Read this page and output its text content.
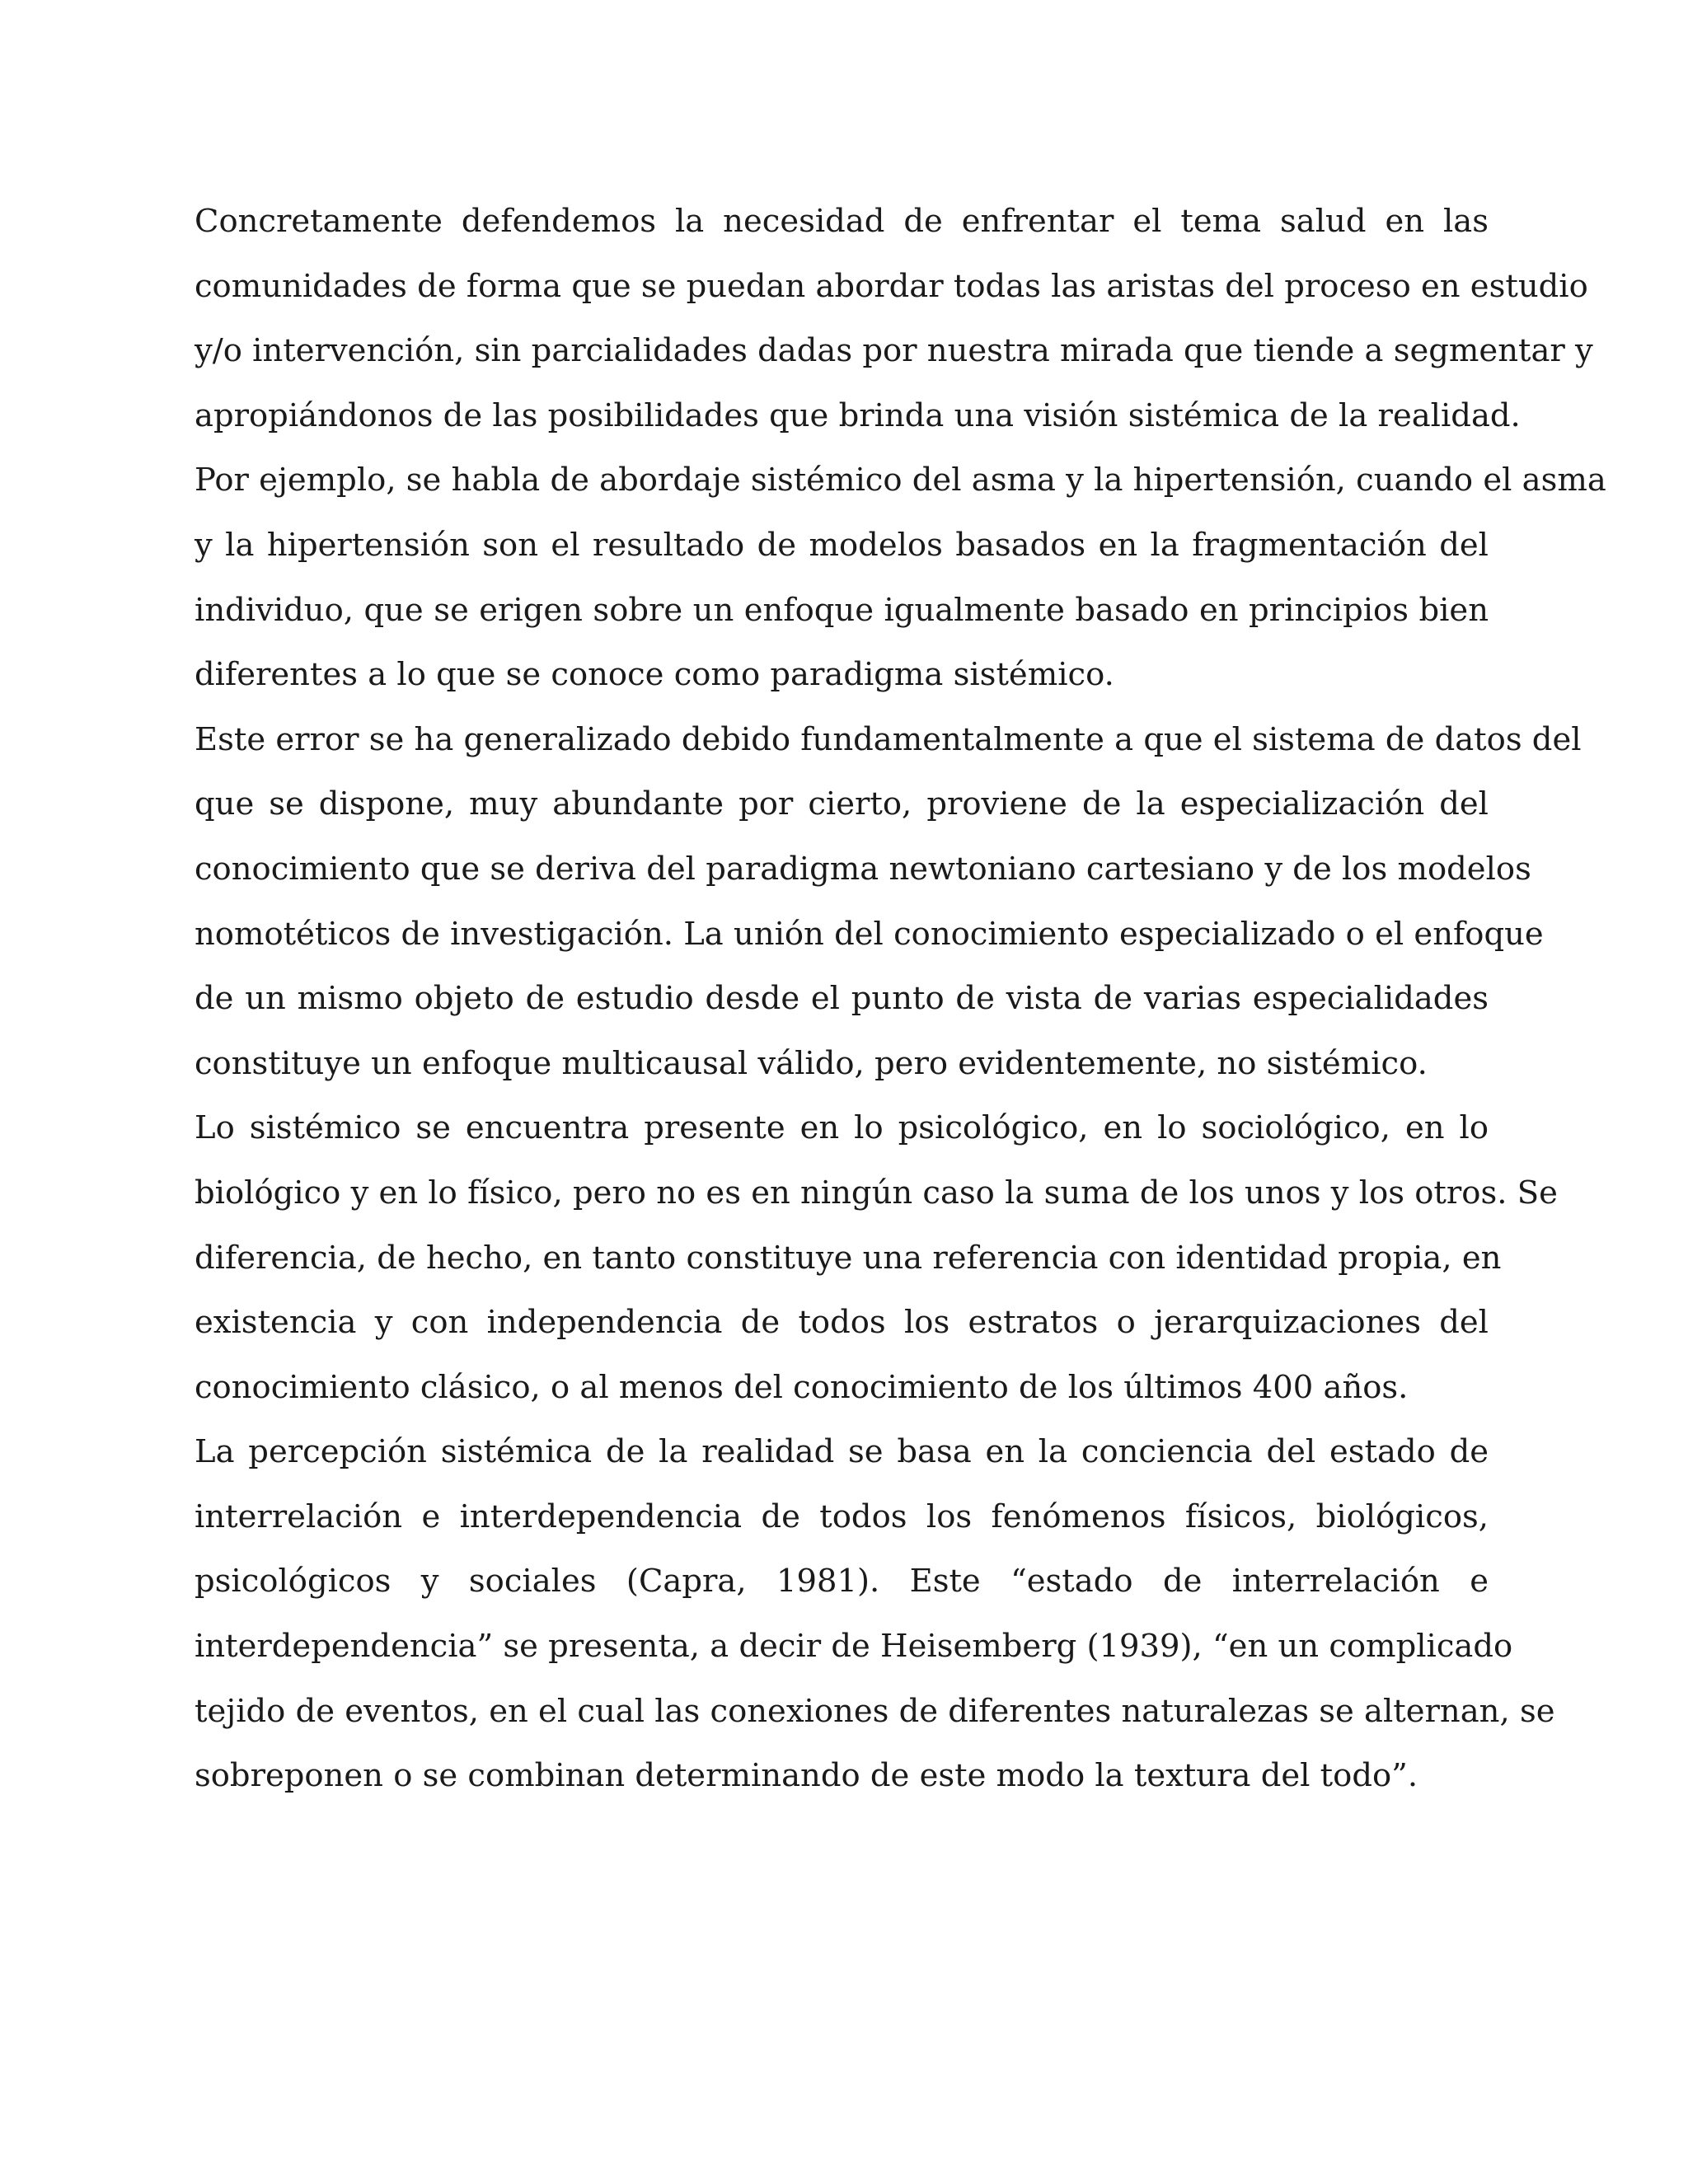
Concretamente defendemos la necesidad de enfrentar el tema salud en las
comunidades de forma que se puedan abordar todas las aristas del proceso en estudio
y/o intervención, sin parcialidades dadas por nuestra mirada que tiende a segmentar y
apropiándonos de las posibilidades que brinda una visión sistémica de la realidad.
Por ejemplo, se habla de abordaje sistémico del asma y la hipertensión, cuando el asma
y la hipertensión son el resultado de modelos basados en la fragmentación del
individuo, que se erigen sobre un enfoque igualmente basado en principios bien
diferentes a lo que se conoce como paradigma sistémico.
Este error se ha generalizado debido fundamentalmente a que el sistema de datos del
que se dispone, muy abundante por cierto, proviene de la especialización del
conocimiento que se deriva del paradigma newtoniano cartesiano y de los modelos
nomotéticos de investigación. La unión del conocimiento especializado o el enfoque
de un mismo objeto de estudio desde el punto de vista de varias especialidades
constituye un enfoque multicausal válido, pero evidentemente, no sistémico.
Lo sistémico se encuentra presente en lo psicológico, en lo sociológico, en lo
biológico y en lo físico, pero no es en ningún caso la suma de los unos y los otros. Se
diferencia, de hecho, en tanto constituye una referencia con identidad propia, en
existencia y con independencia de todos los estratos o jerarquizaciones del
conocimiento clásico, o al menos del conocimiento de los últimos 400 años.
La percepción sistémica de la realidad se basa en la conciencia del estado de
interrelación e interdependencia de todos los fenómenos físicos, biológicos,
psicológicos y sociales (Capra, 1981). Este “estado de interrelación e
interdependencia” se presenta, a decir de Heisemberg (1939), “en un complicado
tejido de eventos, en el cual las conexiones de diferentes naturalezas se alternan, se
sobreponen o se combinan determinando de este modo la textura del todo”.
